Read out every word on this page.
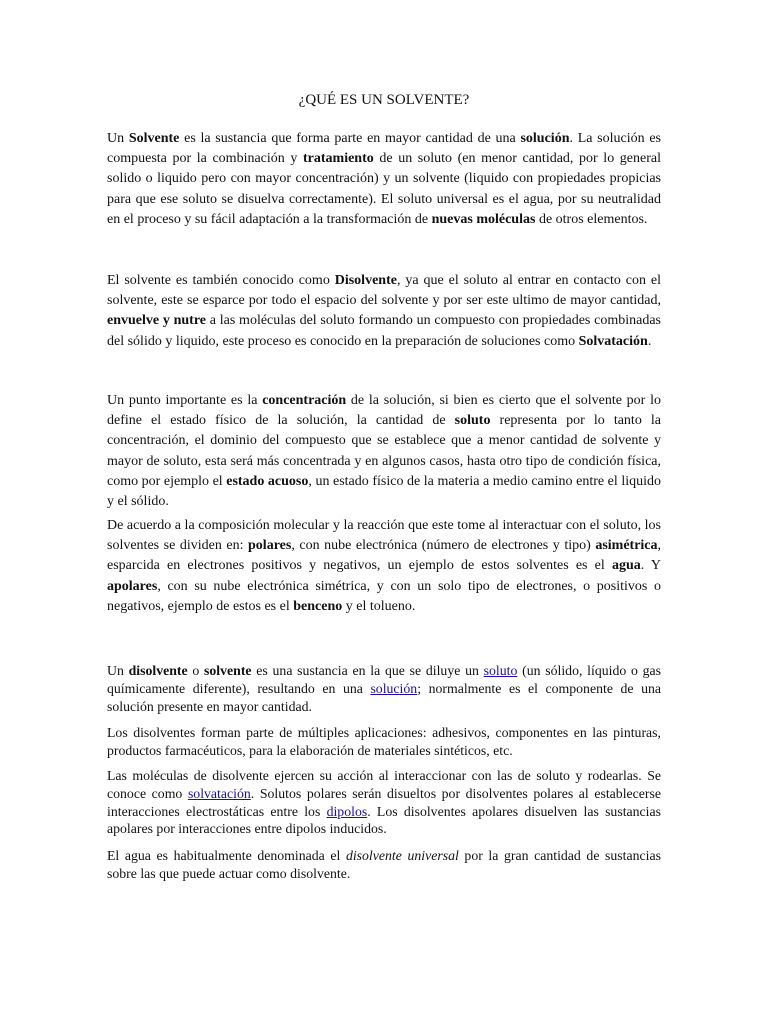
¿QUÉ ES UN SOLVENTE?

Un Solvente es la sustancia que forma parte en mayor cantidad de una solución. La solución es compuesta por la combinación y tratamiento de un soluto (en menor cantidad, por lo general solido o liquido pero con mayor concentración) y un solvente (liquido con propiedades propicias para que ese soluto se disuelva correctamente). El soluto universal es el agua, por su neutralidad en el proceso y su fácil adaptación a la transformación de nuevas moléculas de otros elementos.

El solvente es también conocido como Disolvente, ya que el soluto al entrar en contacto con el solvente, este se esparce por todo el espacio del solvente y por ser este ultimo de mayor cantidad, envuelve y nutre a las moléculas del soluto formando un compuesto con propiedades combinadas del sólido y liquido, este proceso es conocido en la preparación de soluciones como Solvatación.

Un punto importante es la concentración de la solución, si bien es cierto que el solvente por lo define el estado físico de la solución, la cantidad de soluto representa por lo tanto la concentración, el dominio del compuesto que se establece que a menor cantidad de solvente y mayor de soluto, esta será más concentrada y en algunos casos, hasta otro tipo de condición física, como por ejemplo el estado acuoso, un estado físico de la materia a medio camino entre el liquido y el sólido.

De acuerdo a la composición molecular y la reacción que este tome al interactuar con el soluto, los solventes se dividen en: polares, con nube electrónica (número de electrones y tipo) asimétrica, esparcida en electrones positivos y negativos, un ejemplo de estos solventes es el agua. Y apolares, con su nube electrónica simétrica, y con un solo tipo de electrones, o positivos o negativos, ejemplo de estos es el benceno y el tolueno.

Un disolvente o solvente es una sustancia en la que se diluye un soluto (un sólido, líquido o gas químicamente diferente), resultando en una solución; normalmente es el componente de una solución presente en mayor cantidad.

Los disolventes forman parte de múltiples aplicaciones: adhesivos, componentes en las pinturas, productos farmacéuticos, para la elaboración de materiales sintéticos, etc.

Las moléculas de disolvente ejercen su acción al interaccionar con las de soluto y rodearlas. Se conoce como solvatación. Solutos polares serán disueltos por disolventes polares al establecerse interacciones electrostáticas entre los dipolos. Los disolventes apolares disuelven las sustancias apolares por interacciones entre dipolos inducidos.

El agua es habitualmente denominada el disolvente universal por la gran cantidad de sustancias sobre las que puede actuar como disolvente.
